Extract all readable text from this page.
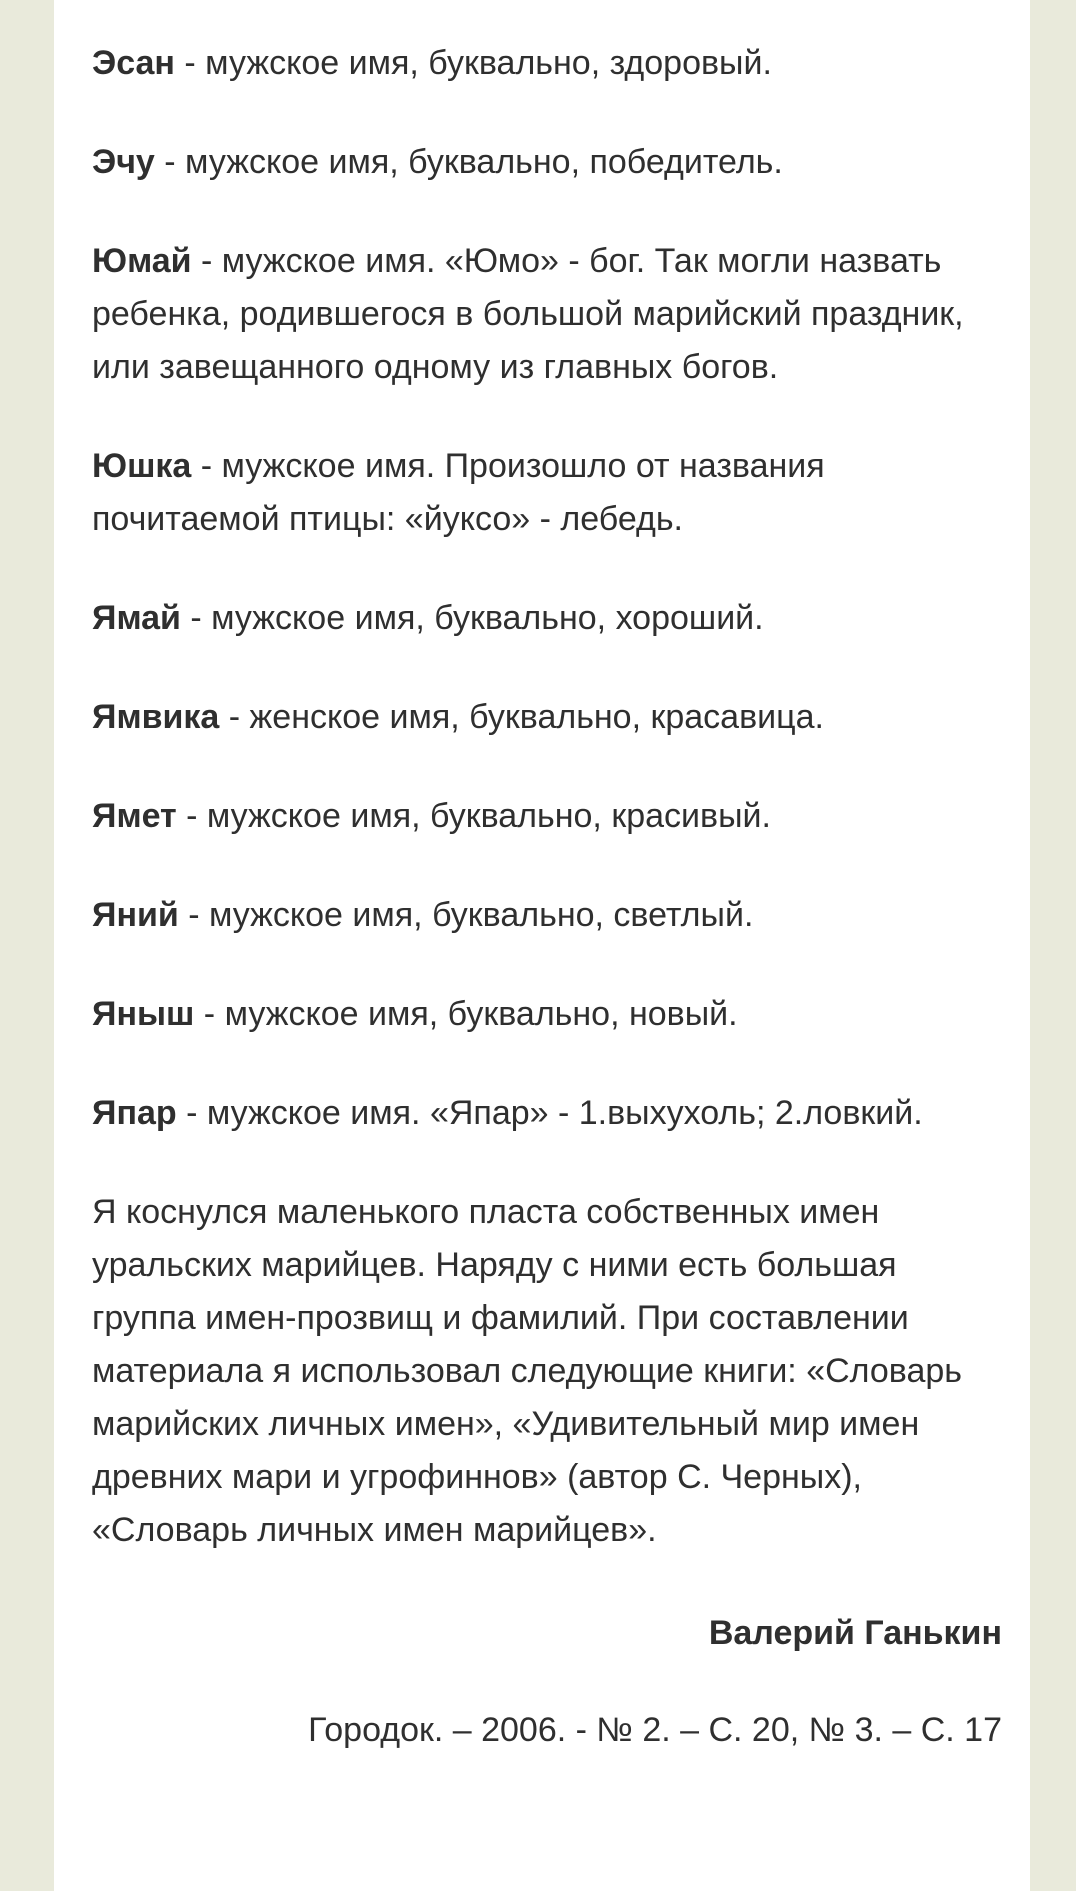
Эсан - мужское имя, буквально, здоровый.

Эчу - мужское имя, буквально, победитель.

Юмай - мужское имя. «Юмо» - бог. Так могли назвать ребенка, родившегося в большой марийский праздник, или завещанного одному из главных богов.

Юшка - мужское имя. Произошло от названия почитаемой птицы: «йуксо» - лебедь.

Ямай - мужское имя, буквально, хороший.

Ямвика - женское имя, буквально, красавица.

Ямет - мужское имя, буквально, красивый.

Яний - мужское имя, буквально, светлый.

Яныш - мужское имя, буквально, новый.

Япар - мужское имя. «Япар» - 1.выхухоль; 2.ловкий.

Я коснулся маленького пласта собственных имен уральских марийцев. Наряду с ними есть большая группа имен-прозвищ и фамилий. При составлении материала я использовал следующие книги: «Словарь марийских личных имен», «Удивительный мир имен древних мари и угрофиннов» (автор С. Черных), «Словарь личных имен марийцев».

Валерий Ганькин

Городок. – 2006. - № 2. – С. 20, № 3. – С. 17
